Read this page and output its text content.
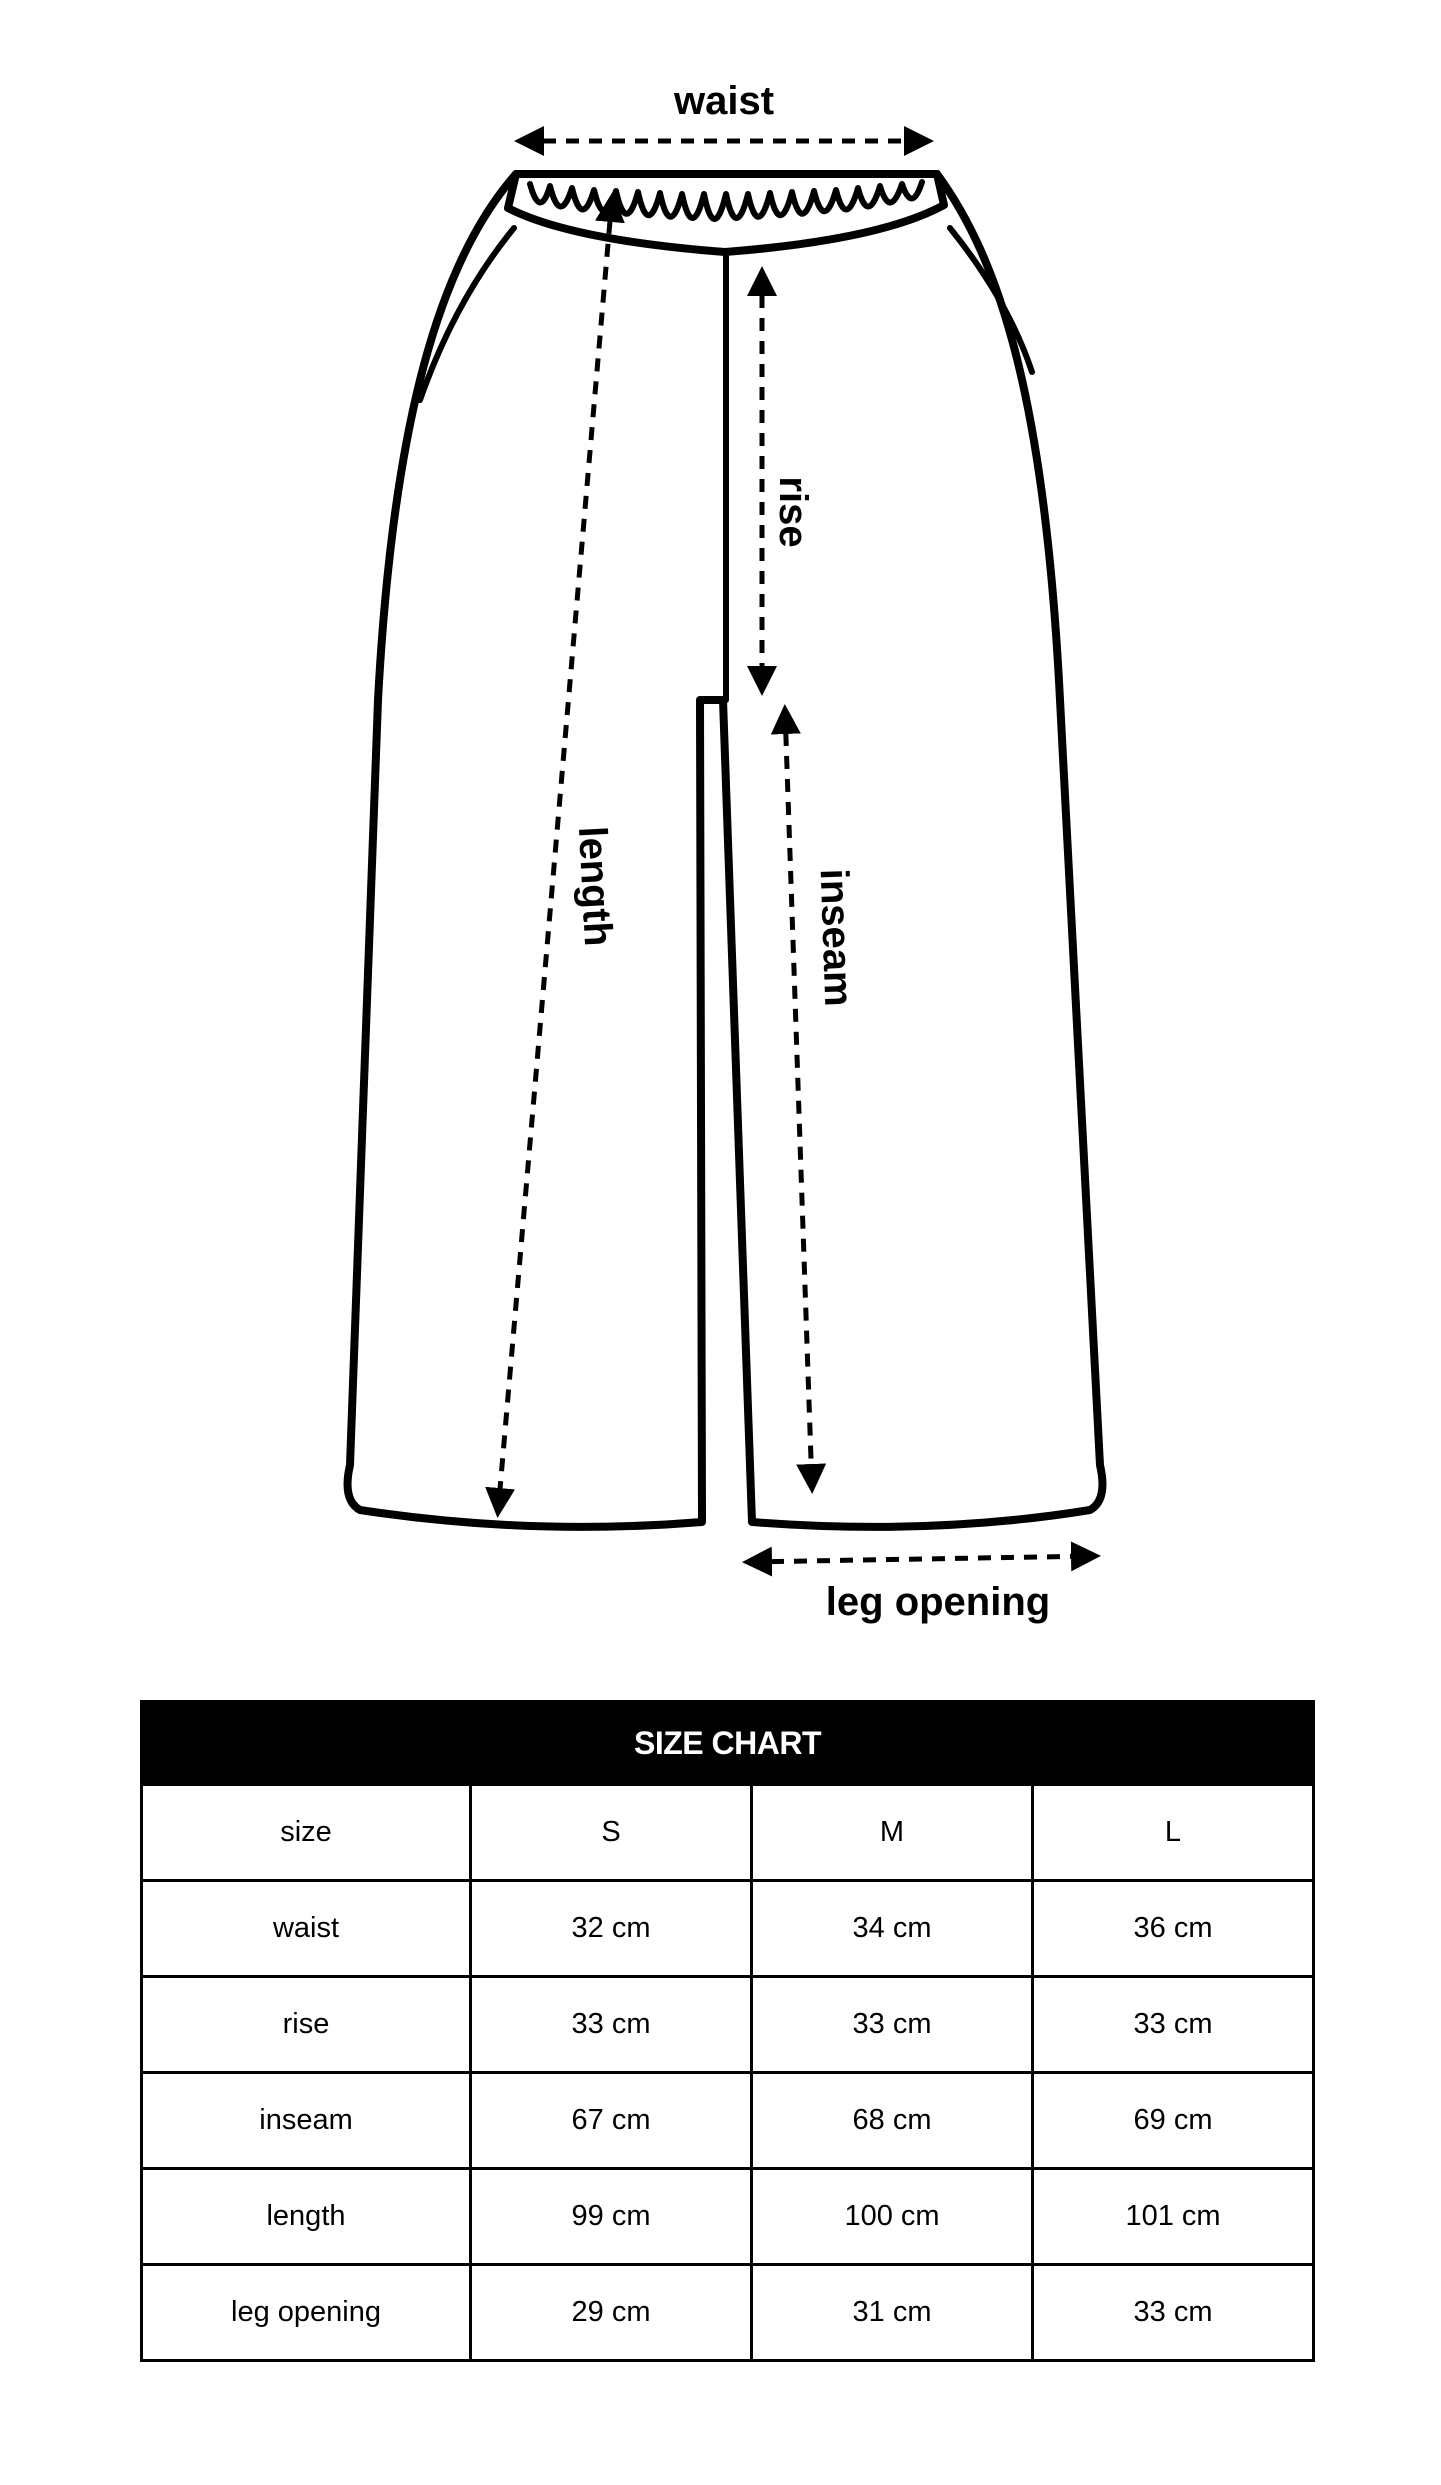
waist
rise
length	inseam
leg opening
SIZE CHART			
size	S	M	L
waist	32 cm	34 cm	36 cm
rise	33 cm	33 cm	33 cm
inseam	67 cm	68 cm	69 cm
length	99 cm	100 cm	101 cm
leg opening	29 cm	31 cm	33 cm
